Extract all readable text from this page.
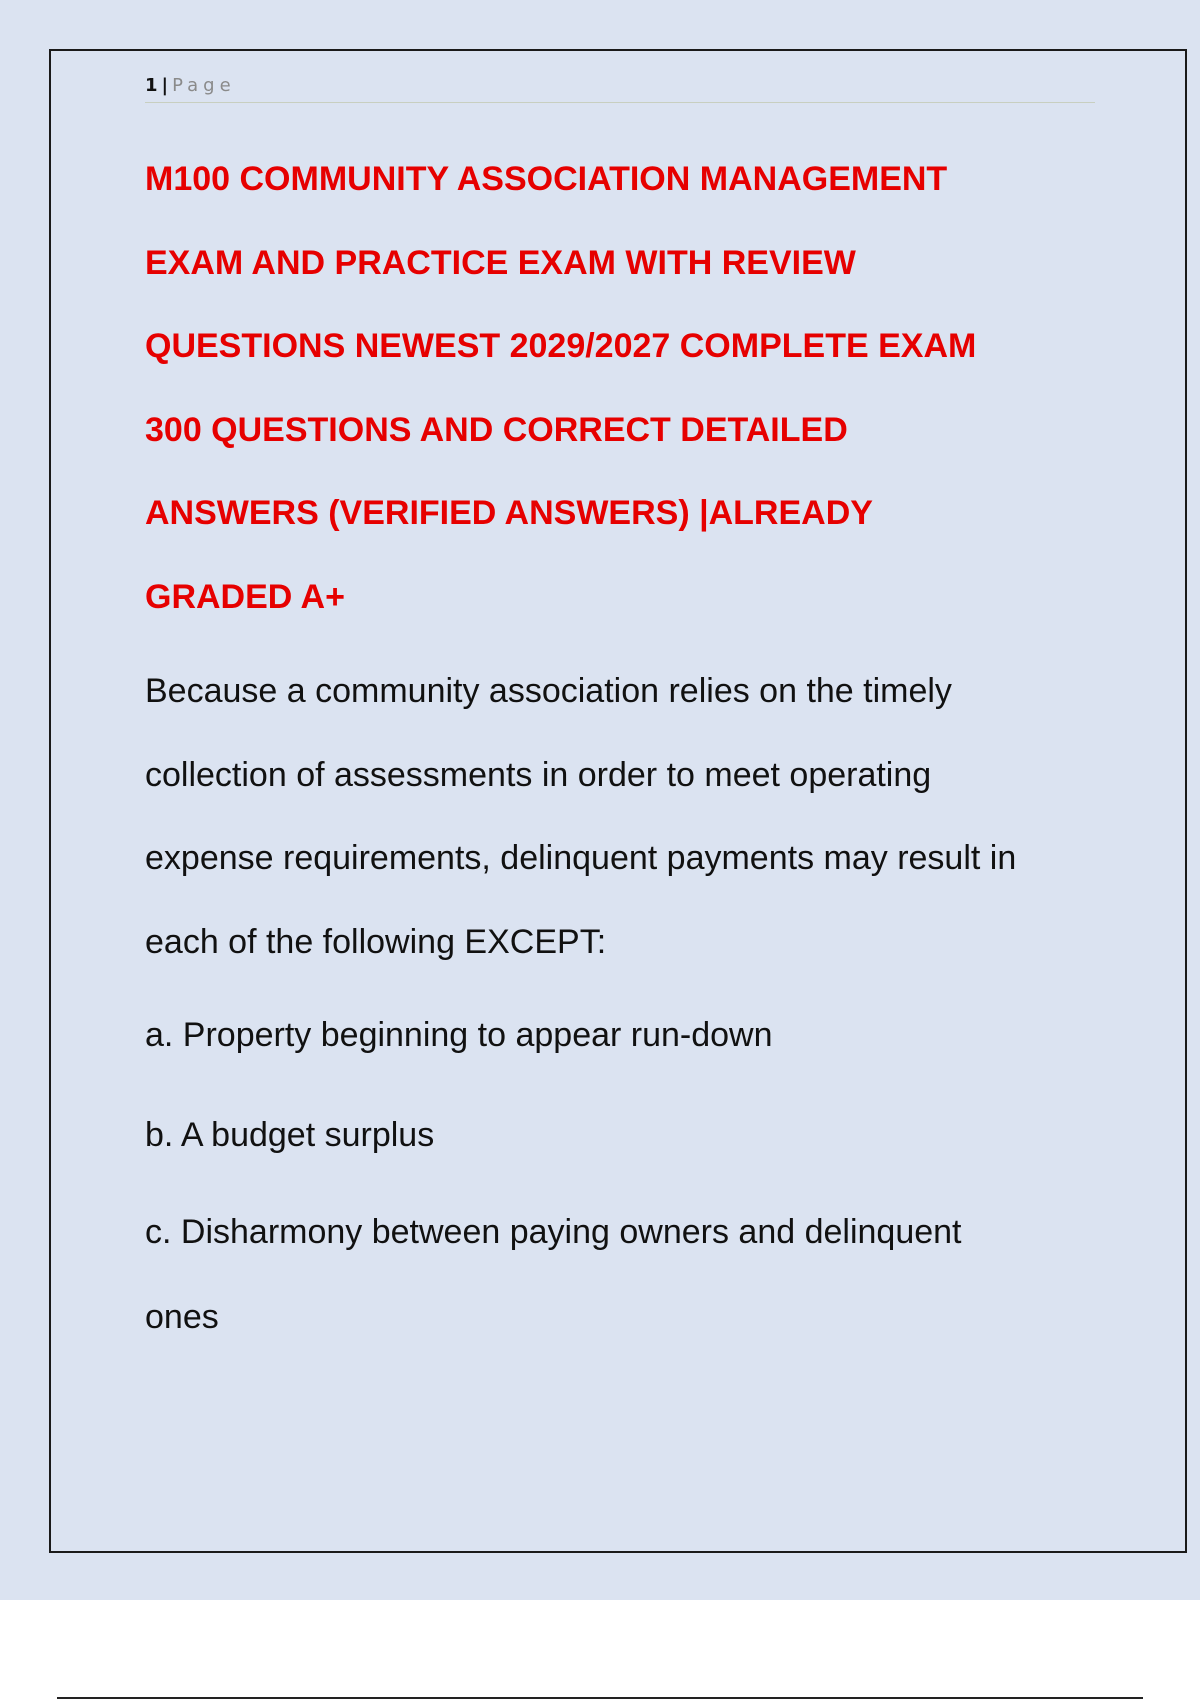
1 | Page
M100 COMMUNITY ASSOCIATION MANAGEMENT
EXAM AND PRACTICE EXAM WITH REVIEW
QUESTIONS NEWEST 2029/2027 COMPLETE EXAM
300 QUESTIONS AND CORRECT DETAILED
ANSWERS (VERIFIED ANSWERS) |ALREADY
GRADED A+
Because a community association relies on the timely
collection of assessments in order to meet operating
expense requirements, delinquent payments may result in
each of the following EXCEPT:
a. Property beginning to appear run-down
b. A budget surplus
c. Disharmony between paying owners and delinquent
ones
